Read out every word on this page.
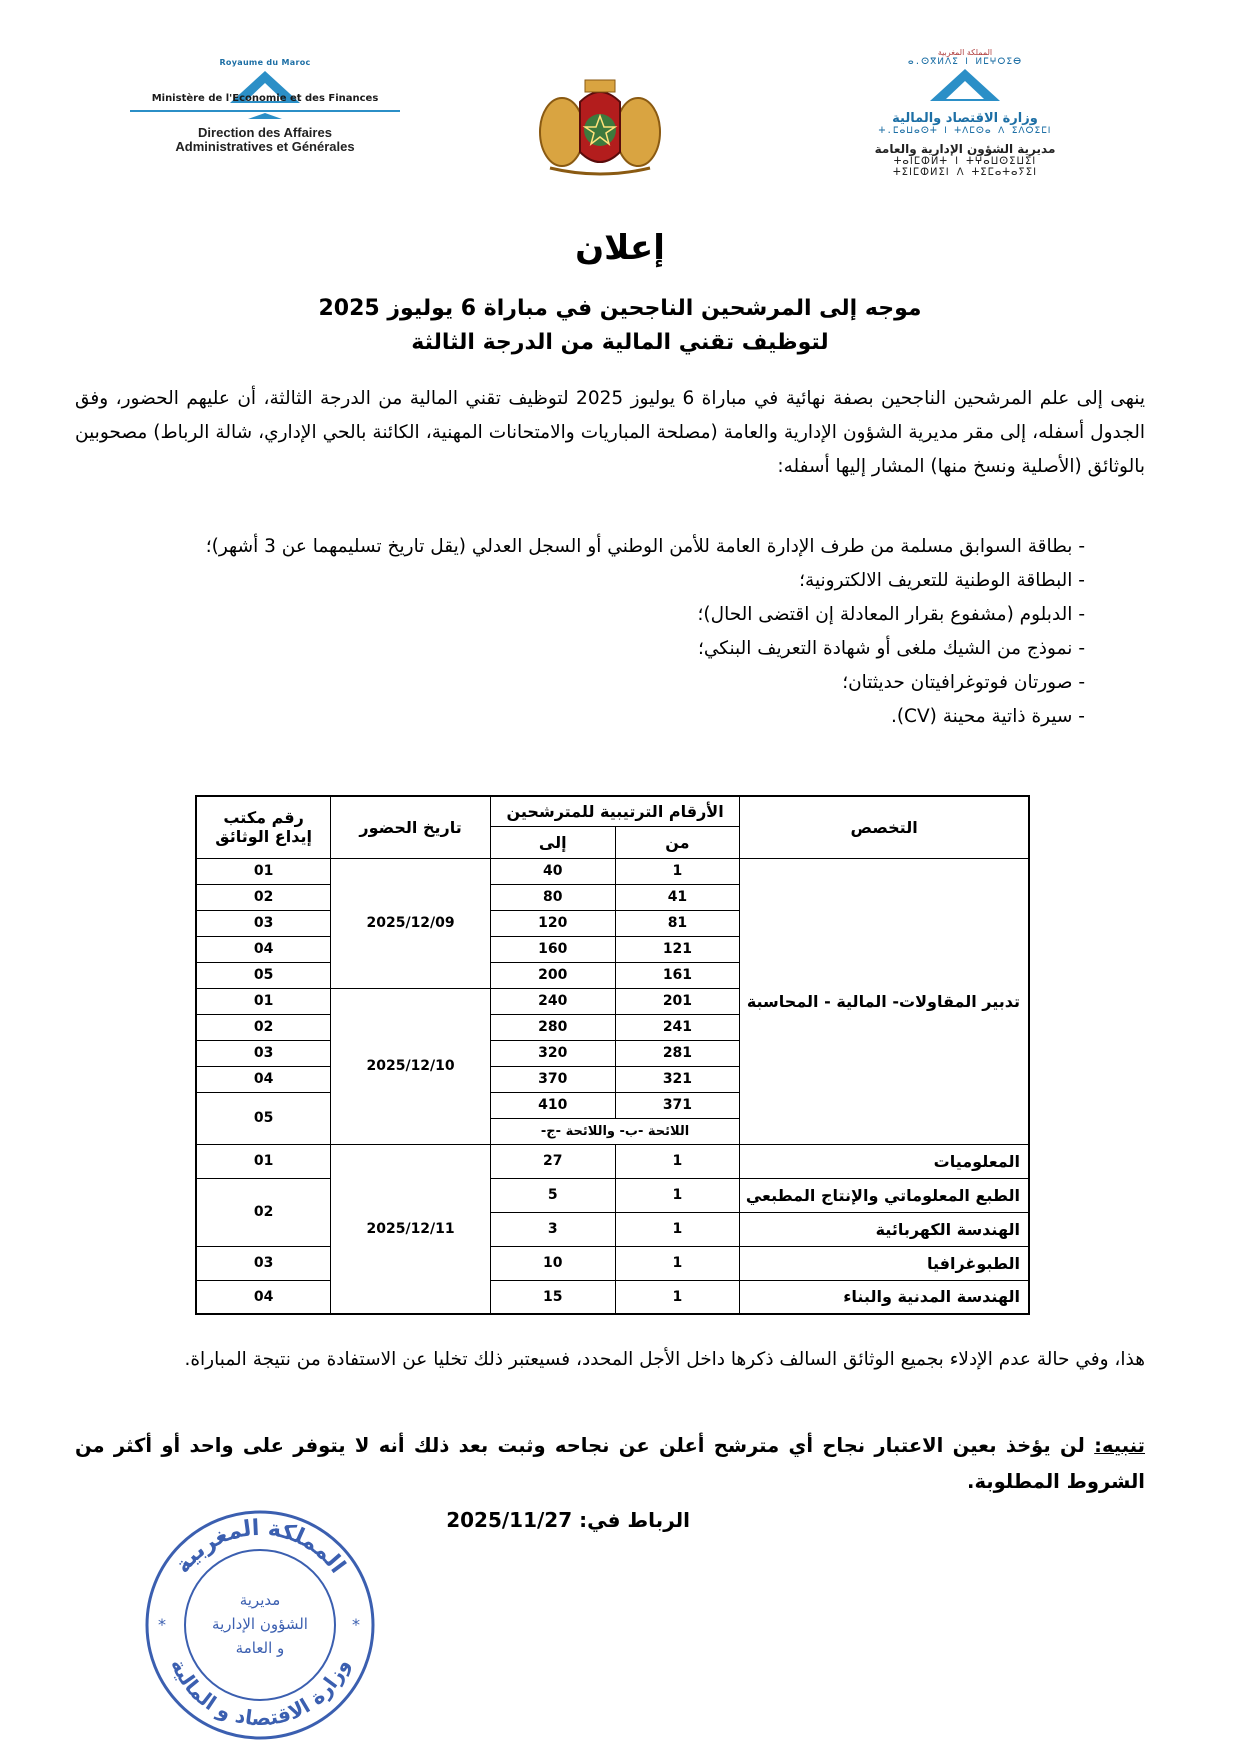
Royaume du Maroc
Ministère de l'Economie et des Finances
Direction des Affaires
Administratives et Générales
المملكة المغربية
ⴰ.ⵙⴳⵍⴷⵉ ⵏ ⵍⵎⵖⵔⵉⴱ
وزارة الاقتصاد والمالية
ⵜ.ⵎⴰⵡⴰⵙⵜ ⵏ ⵜⴷⵎⵙⴰ ⴷ ⵉⴷⵔⵉⵎⵏ
مديرية الشؤون الإدارية والعامة
ⵜⴰⵏⵎⵀⵍⵜ ⵏ ⵜⵖⴰⵡⵙⵉⵡⵉⵏ
ⵜⵉⵏⵎⵀⵍⵉⵏ ⴷ ⵜⵉⵎⴰⵜⴰⵢⵉⵏ
إعلان
موجه إلى المرشحين الناجحين في مباراة 6 يوليوز 2025
لتوظيف تقني المالية من الدرجة الثالثة
ينهى إلى علم المرشحين الناجحين بصفة نهائية في مباراة 6 يوليوز 2025 لتوظيف تقني المالية من الدرجة الثالثة، أن عليهم الحضور، وفق الجدول أسفله، إلى مقر مديرية الشؤون الإدارية والعامة (مصلحة المباريات والامتحانات المهنية، الكائنة بالحي الإداري، شالة الرباط) مصحوبين بالوثائق (الأصلية ونسخ منها) المشار إليها أسفله:
- بطاقة السوابق مسلمة من طرف الإدارة العامة للأمن الوطني أو السجل العدلي (يقل تاريخ تسليمهما عن 3 أشهر)؛
- البطاقة الوطنية للتعريف الالكترونية؛
- الدبلوم (مشفوع بقرار المعادلة إن اقتضى الحال)؛
- نموذج من الشيك ملغى أو شهادة التعريف البنكي؛
- صورتان فوتوغرافيتان حديثتان؛
- سيرة ذاتية محينة (CV).
التخصص	الأرقام الترتيبية للمترشحين		تاريخ الحضور	رقم مكتب
إيداع الوثائق

	من	إلى		
تدبير المقاولات- المالية - المحاسبة	1	40	2025/12/09	01
	41	80		02
	81	120		03
	121	160		04
	161	200		05
	201	240	2025/12/10	01
	241	280		02
	281	320		03
	321	370		04
	371	410		05
	اللائحة -ب- واللائحة -ج-			
المعلوميات	1	27	2025/12/11	01
الطبع المعلوماتي والإنتاج المطبعي	1	5		02
الهندسة الكهربائية	1	3		
الطبوغرافيا	1	10		03
الهندسة المدنية والبناء	1	15		04
هذا، وفي حالة عدم الإدلاء بجميع الوثائق السالف ذكرها داخل الأجل المحدد، فسيعتبر ذلك تخليا عن الاستفادة من نتيجة المباراة.
تنبيه: لن يؤخذ بعين الاعتبار نجاح أي مترشح أعلن عن نجاحه وثبت بعد ذلك أنه لا يتوفر على واحد أو أكثر من الشروط المطلوبة.
الرباط في: 2025/11/27
المملكة المغربية
وزارة الاقتصاد و المالية
مديرية
الشؤون الإدارية
و العامة
*	*
